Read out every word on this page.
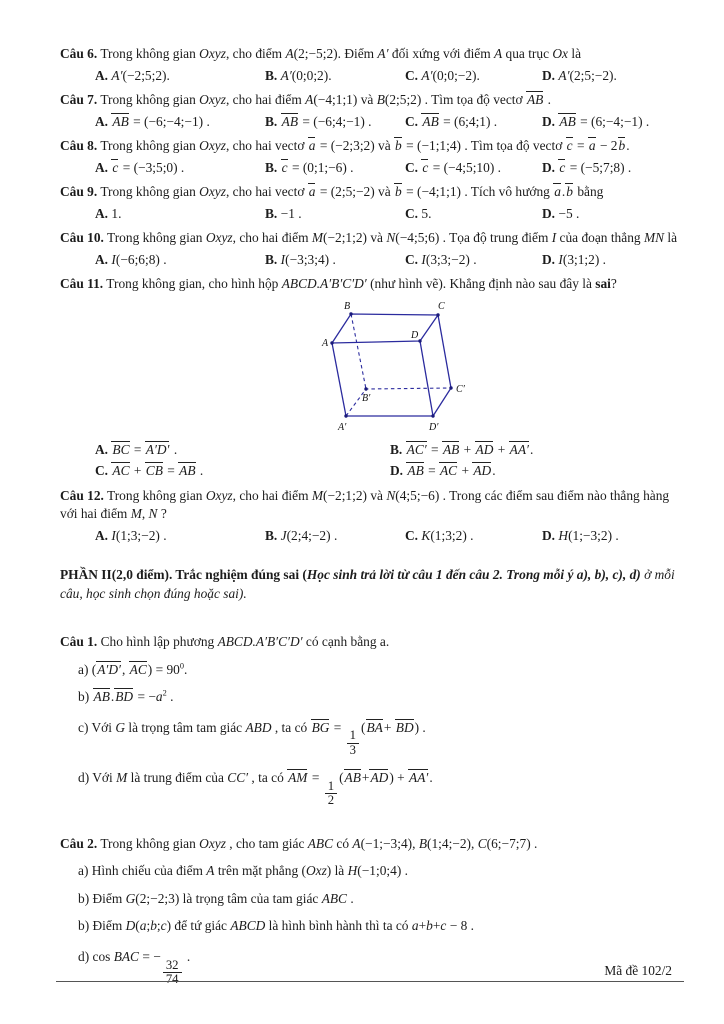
Câu 6. Trong không gian Oxyz, cho điểm A(2;−5;2). Điểm A′ đối xứng với điểm A qua trục Ox là

A. A′(−2;5;2).	B. A′(0;0;2).	C. A′(0;0;−2).	D. A′(2;5;−2).

Câu 7. Trong không gian Oxyz, cho hai điểm A(−4;1;1) và B(2;5;2) . Tìm tọa độ vectơ AB .

A. AB = (−6;−4;−1) .	B. AB = (−6;4;−1) .	C. AB = (6;4;1) .	D. AB = (6;−4;−1) .

Câu 8. Trong không gian Oxyz, cho hai vectơ a = (−2;3;2) và b = (−1;1;4) . Tìm tọa độ vectơ c = a − 2b.

A. c = (−3;5;0) .	B. c = (0;1;−6) .	C. c = (−4;5;10) .	D. c = (−5;7;8) .

Câu 9. Trong không gian Oxyz, cho hai vectơ a = (2;5;−2) và b = (−4;1;1) . Tích vô hướng a.b bằng

A. 1.	B. −1 .	C. 5.	D. −5 .

Câu 10. Trong không gian Oxyz, cho hai điểm M(−2;1;2) và N(−4;5;6) . Tọa độ trung điểm I của đoạn thẳng MN là

A. I(−6;6;8) .	B. I(−3;3;4) .	C. I(3;3;−2) .	D. I(3;1;2) .

Câu 11. Trong không gian, cho hình hộp ABCD.A′B′C′D′ (như hình vẽ). Khẳng định nào sau đây là sai?

A
B	C
D
A′
B′
C′
D′
A. BC = A′D′ .	B. AC′ = AB + AD + AA′.
C. AC + CB = AB .	D. AB = AC + AD.

Câu 12. Trong không gian Oxyz, cho hai điểm M(−2;1;2) và N(4;5;−6) . Trong các điểm sau điểm nào thẳng hàng với hai điểm M, N ?

A. I(1;3;−2) .	B. J(2;4;−2) .	C. K(1;3;2) .	D. H(1;−3;2) .

PHẦN II(2,0 điểm). Trắc nghiệm đúng sai (Học sinh trả lời từ câu 1 đến câu 2. Trong mỗi ý a), b), c), d) ở mỗi câu, học sinh chọn đúng hoặc sai).

Câu 1. Cho hình lập phương ABCD.A′B′C′D′ có cạnh bằng a.

a) (A′D′, $AC) = 90^0$.

b) $AB.BD = -a^2$ .

c) Với G là trọng tâm tam giác ABD , ta có BG =
$\frac{1}{3}$
(BA+ BD) .

d) Với M là trung điểm của CC′ , ta có AM =
$\frac{1}{2}$
(AB+AD) + AA′.

Câu 2. Trong không gian Oxyz , cho tam giác ABC có A(−1;−3;4), B(1;4;−2), C(6;−7;7) .

a) Hình chiếu của điểm A trên mặt phẳng (Oxz) là H(−1;0;4) .

b) Điểm G(2;−2;3) là trọng tâm của tam giác ABC .

b) Điểm D(a;b;c) để tứ giác ABCD là hình bình hành thì ta có a+b+c − 8 .

d) cos BAC = −
$\frac{32}{74}$
.

Mã đề 102/2
